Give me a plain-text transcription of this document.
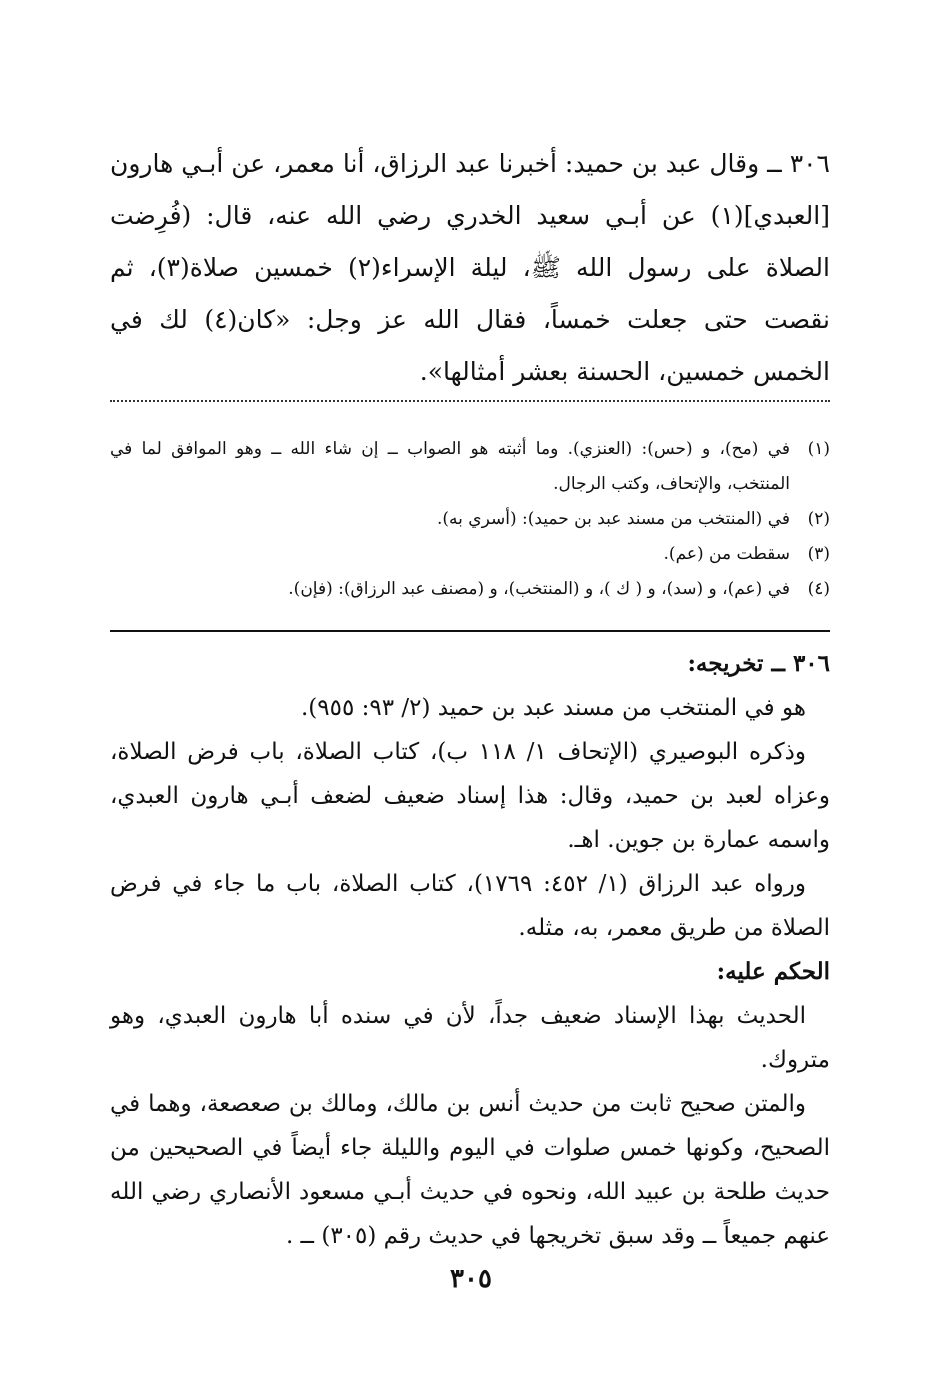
٣٠٦ ــ وقال عبد بن حميد: أخبرنا عبد الرزاق، أنا معمر، عن أبـي هارون [العبدي](١) عن أبـي سعيد الخدري رضي الله عنه، قال: (فُرِضت الصلاة على رسول الله ﷺ، ليلة الإسراء(٢) خمسين صلاة(٣)، ثم نقصت حتى جعلت خمساً، فقال الله عز وجل: «كان(٤) لك في الخمس خمسين، الحسنة بعشر أمثالها».

(١)
في (مح)، و (حس): (العنزي). وما أثبته هو الصواب ــ إن شاء الله ــ وهو الموافق لما في المنتخب، والإتحاف، وكتب الرجال.
(٢)
في (المنتخب من مسند عبد بن حميد): (أسري به).
(٣)
سقطت من (عم).
(٤)
في (عم)، و (سد)، و ( ك )، و (المنتخب)، و (مصنف عبد الرزاق): (فإن).

٣٠٦ ــ تخريجه:

هو في المنتخب من مسند عبد بن حميد (٢/ ٩٣: ٩٥٥).

وذكره البوصيري (الإتحاف ١/ ١١٨ ب)، كتاب الصلاة، باب فرض الصلاة، وعزاه لعبد بن حميد، وقال: هذا إسناد ضعيف لضعف أبـي هارون العبدي، واسمه عمارة بن جوين. اهـ.

ورواه عبد الرزاق (١/ ٤٥٢: ١٧٦٩)، كتاب الصلاة، باب ما جاء في فرض الصلاة من طريق معمر، به، مثله.

الحكم عليه:

الحديث بهذا الإسناد ضعيف جداً، لأن في سنده أبا هارون العبدي، وهو متروك.

والمتن صحيح ثابت من حديث أنس بن مالك، ومالك بن صعصعة، وهما في الصحيح، وكونها خمس صلوات في اليوم والليلة جاء أيضاً في الصحيحين من حديث طلحة بن عبيد الله، ونحوه في حديث أبـي مسعود الأنصاري رضي الله عنهم جميعاً ــ وقد سبق تخريجها في حديث رقم (٣٠٥) ــ .

٣٠٥
